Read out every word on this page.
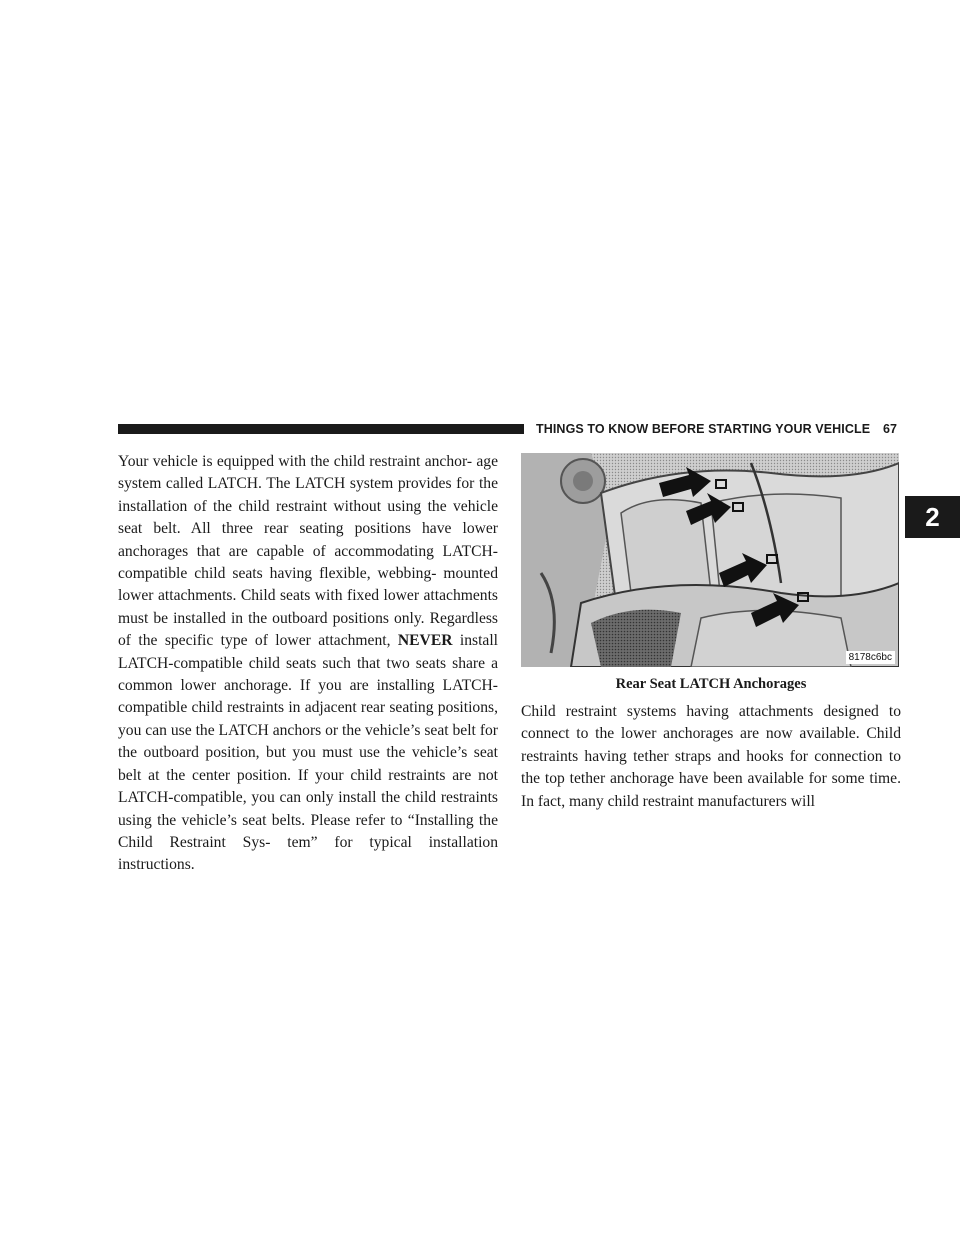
THINGS TO KNOW BEFORE STARTING YOUR VEHICLE	67
2

Your vehicle is equipped with the child restraint anchor- age system called LATCH. The LATCH system provides for the installation of the child restraint without using the vehicle seat belt. All three rear seating positions have lower anchorages that are capable of accommodating LATCH-compatible child seats having flexible, webbing- mounted lower attachments. Child seats with fixed lower attachments must be installed in the outboard positions only. Regardless of the specific type of lower attachment, NEVER install LATCH-compatible child seats such that two seats share a common lower anchorage. If you are installing LATCH-compatible child restraints in adjacent rear seating positions, you can use the LATCH anchors or the vehicle’s seat belt for the outboard position, but you must use the vehicle’s seat belt at the center position. If your child restraints are not LATCH-compatible, you can only install the child restraints using the vehicle’s seat belts. Please refer to “Installing the Child Restraint Sys- tem” for typical installation instructions.

8178c6bc
Rear Seat LATCH Anchorages

Child restraint systems having attachments designed to connect to the lower anchorages are now available. Child restraints having tether straps and hooks for connection to the top tether anchorage have been available for some time. In fact, many child restraint manufacturers will
